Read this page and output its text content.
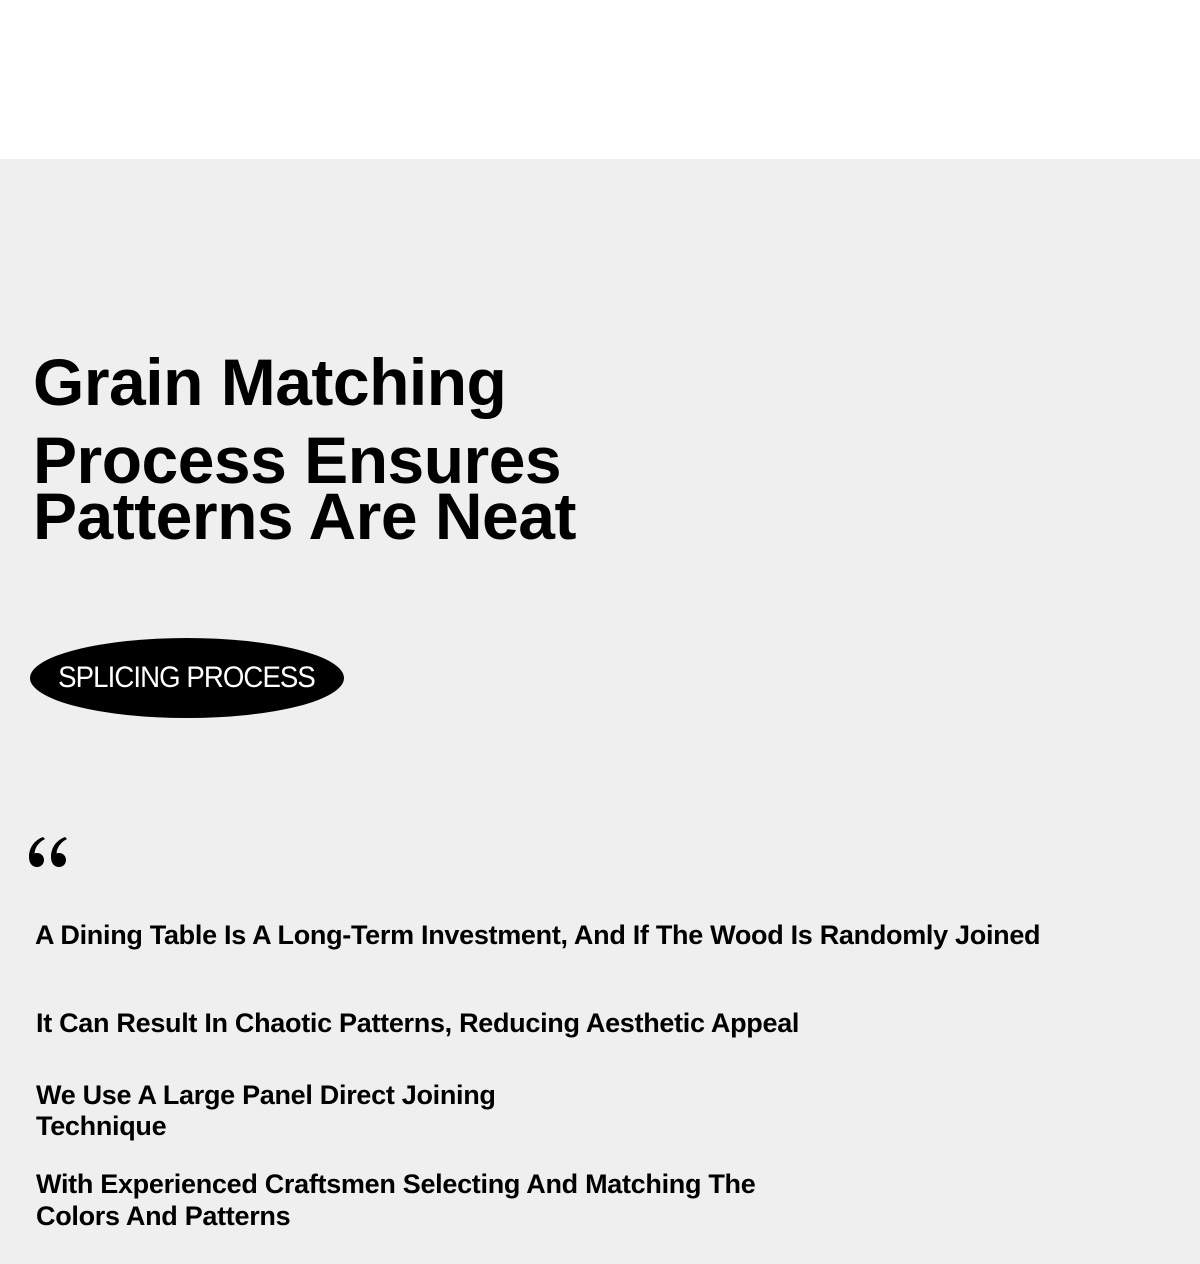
Grain Matching
Process Ensures
Patterns Are Neat
SPLICING PROCESS

A Dining Table Is A Long-Term Investment, And If The Wood Is Randomly Joined

It Can Result In Chaotic Patterns, Reducing Aesthetic Appeal

We Use A Large Panel Direct Joining Technique

With Experienced Craftsmen Selecting And Matching The Colors And Patterns
